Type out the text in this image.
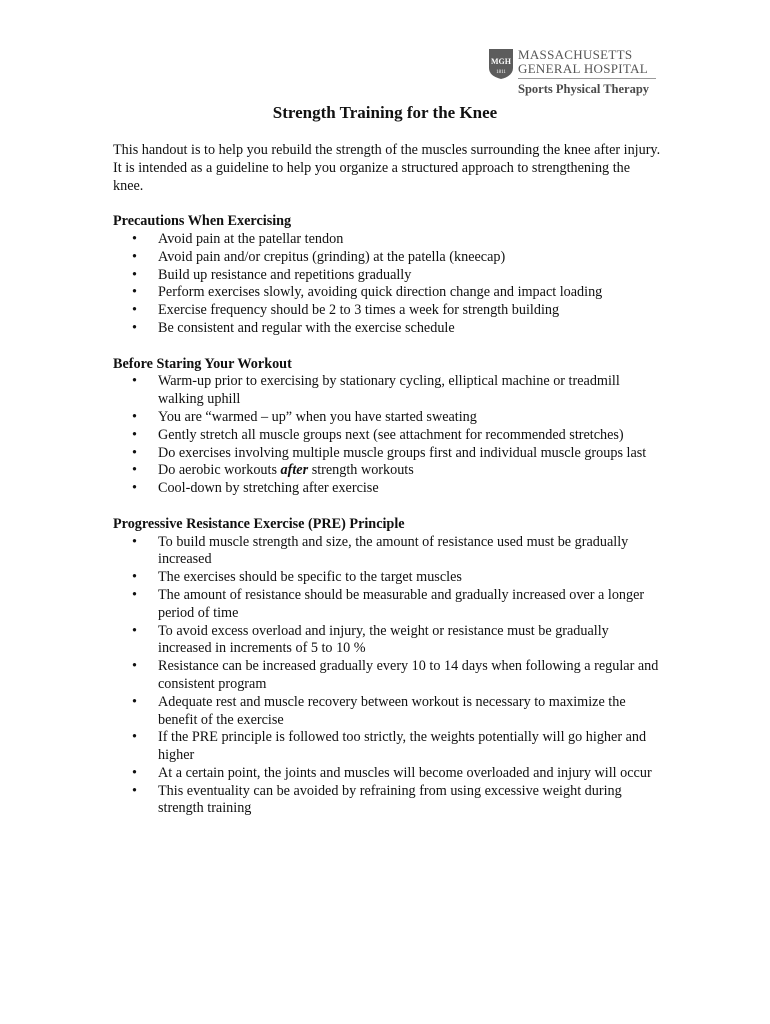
MGH
1811
MASSACHUSETTS
GENERAL HOSPITAL
Sports Physical Therapy
Strength Training for the Knee

This handout is to help you rebuild the strength of the muscles surrounding the knee after injury. It is intended as a guideline to help you organize a structured approach to strengthening the knee.

Precautions When Exercising

• Avoid pain at the patellar tendon
• Avoid pain and/or crepitus (grinding) at the patella (kneecap)
• Build up resistance and repetitions gradually
• Perform exercises slowly, avoiding quick direction change and impact loading
• Exercise frequency should be 2 to 3 times a week for strength building
• Be consistent and regular with the exercise schedule

Before Staring Your Workout

• Warm-up prior to exercising by stationary cycling, elliptical machine or treadmill walking uphill
• You are “warmed – up” when you have started sweating
• Gently stretch all muscle groups next (see attachment for recommended stretches)
• Do exercises involving multiple muscle groups first and individual muscle groups last
• Do aerobic workouts after strength workouts
• Cool-down by stretching after exercise

Progressive Resistance Exercise (PRE) Principle

• To build muscle strength and size, the amount of resistance used must be gradually increased
• The exercises should be specific to the target muscles
• The amount of resistance should be measurable and gradually increased over a longer period of time
• To avoid excess overload and injury, the weight or resistance must be gradually increased in increments of 5 to 10 %
• Resistance can be increased gradually every 10 to 14 days when following a regular and consistent program
• Adequate rest and muscle recovery between workout is necessary to maximize the benefit of the exercise
• If the PRE principle is followed too strictly, the weights potentially will go higher and higher
• At a certain point, the joints and muscles will become overloaded and injury will occur
• This eventuality can be avoided by refraining from using excessive weight during strength training
